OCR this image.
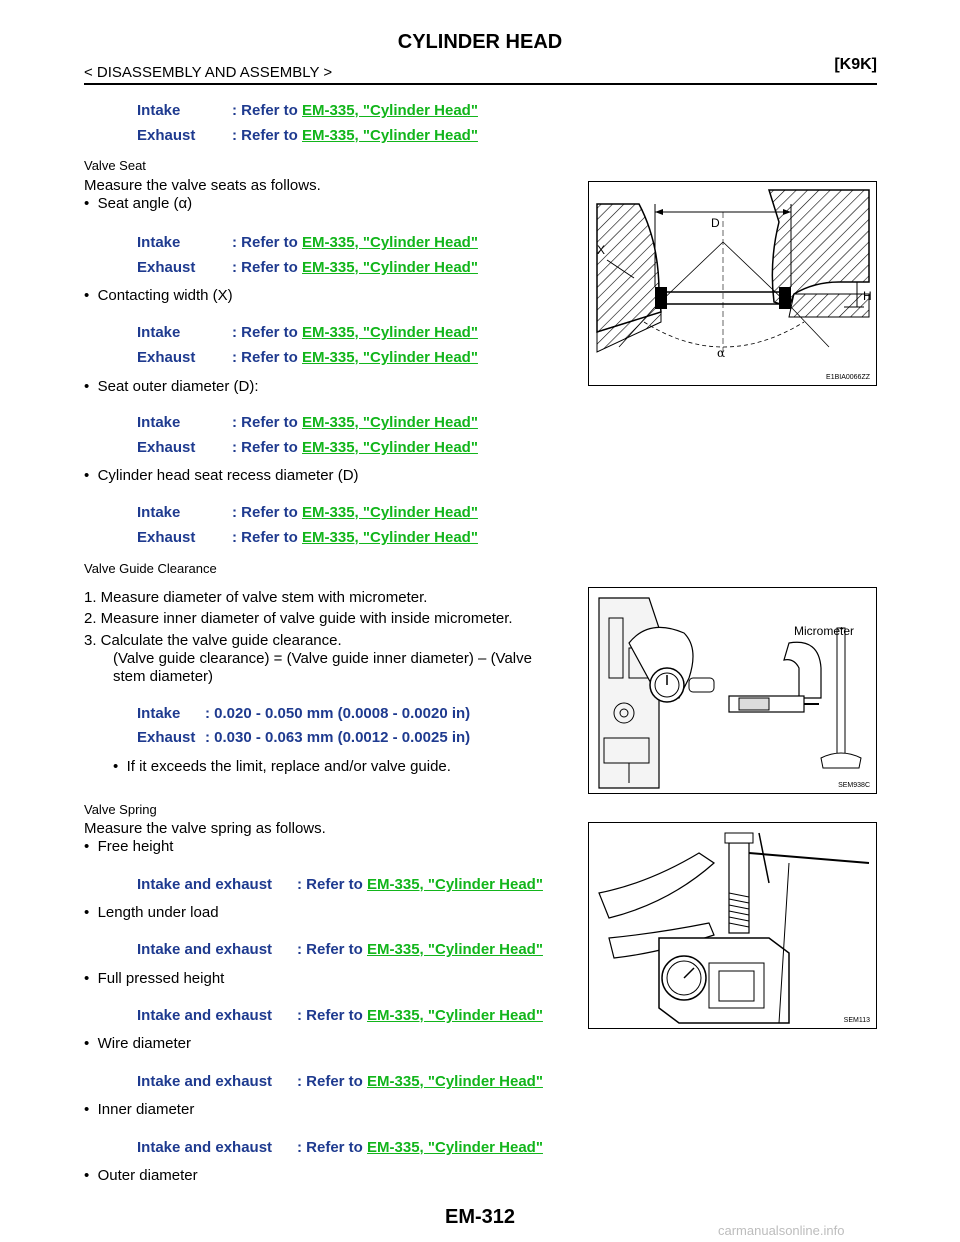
CYLINDER HEAD
< DISASSEMBLY AND ASSEMBLY >	[K9K]
Intake	: Refer to EM-335, "Cylinder Head"
Exhaust : Refer to EM-335, "Cylinder Head"
Valve Seat
Measure the valve seats as follows.
•  Seat angle (α)
Intake	: Refer to EM-335, "Cylinder Head"
Exhaust : Refer to EM-335, "Cylinder Head"
•  Contacting width (X)
Intake	: Refer to EM-335, "Cylinder Head"
Exhaust : Refer to EM-335, "Cylinder Head"
•  Seat outer diameter (D):
Intake	: Refer to EM-335, "Cylinder Head"
Exhaust : Refer to EM-335, "Cylinder Head"
•  Cylinder head seat recess diameter (D)
Intake	: Refer to EM-335, "Cylinder Head"
Exhaust : Refer to EM-335, "Cylinder Head"
D
α
X
H
E1BIA0066ZZ
Valve Guide Clearance
1. Measure diameter of valve stem with micrometer.
2. Measure inner diameter of valve guide with inside micrometer.
3. Calculate the valve guide clearance.
(Valve guide clearance) = (Valve guide inner diameter) – (Valve
stem diameter)
Intake : 0.020 - 0.050 mm (0.0008 - 0.0020 in)
Exhaust : 0.030 - 0.063 mm (0.0012 - 0.0025 in)
•  If it exceeds the limit, replace and/or valve guide.
Micrometer
SEM938C
Valve Spring
Measure the valve spring as follows.
•  Free height
Intake and exhaust : Refer to EM-335, "Cylinder Head"
•  Length under load
Intake and exhaust : Refer to EM-335, "Cylinder Head"
•  Full pressed height
Intake and exhaust : Refer to EM-335, "Cylinder Head"
•  Wire diameter
Intake and exhaust : Refer to EM-335, "Cylinder Head"
•  Inner diameter
Intake and exhaust : Refer to EM-335, "Cylinder Head"
•  Outer diameter
SEM113
EM-312
carmanualsonline.info
